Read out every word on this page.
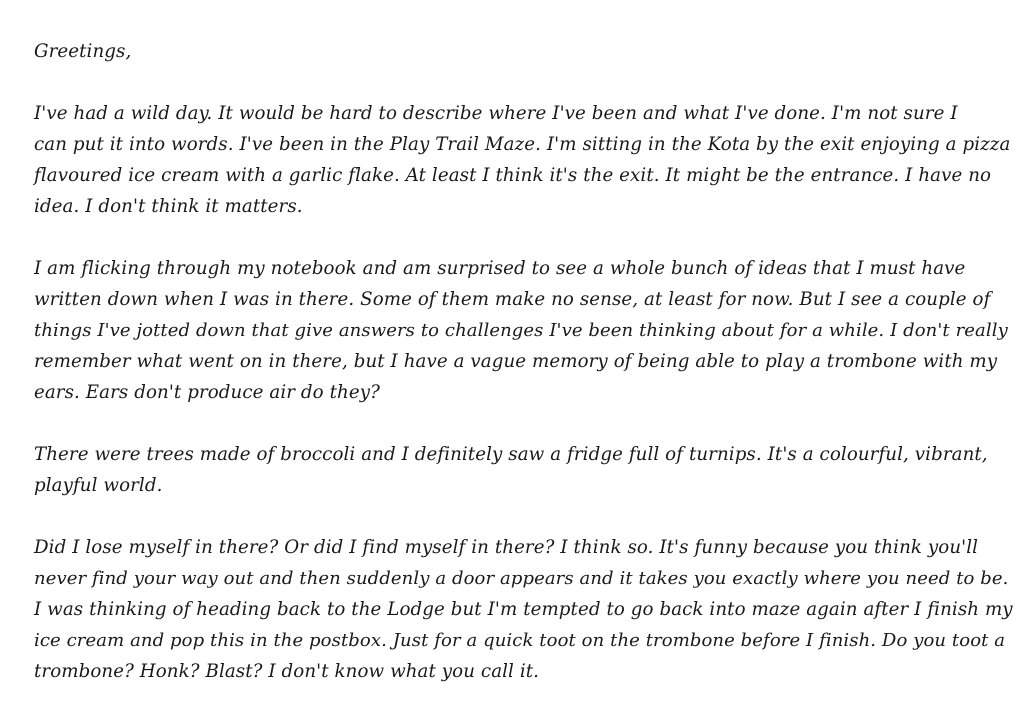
Greetings,
I've had a wild day. It would be hard to describe where I've been and what I've done. I'm not sure I
can put it into words. I've been in the Play Trail Maze. I'm sitting in the Kota by the exit enjoying a pizza
flavoured ice cream with a garlic flake. At least I think it's the exit. It might be the entrance. I have no
idea. I don't think it matters.
I am flicking through my notebook and am surprised to see a whole bunch of ideas that I must have
written down when I was in there. Some of them make no sense, at least for now. But I see a couple of
things I've jotted down that give answers to challenges I've been thinking about for a while. I don't really
remember what went on in there, but I have a vague memory of being able to play a trombone with my
ears. Ears don't produce air do they?
There were trees made of broccoli and I definitely saw a fridge full of turnips. It's a colourful, vibrant,
playful world.
Did I lose myself in there? Or did I find myself in there? I think so. It's funny because you think you'll
never find your way out and then suddenly a door appears and it takes you exactly where you need to be.
I was thinking of heading back to the Lodge but I'm tempted to go back into maze again after I finish my
ice cream and pop this in the postbox. Just for a quick toot on the trombone before I finish. Do you toot a
trombone? Honk? Blast? I don't know what you call it.
